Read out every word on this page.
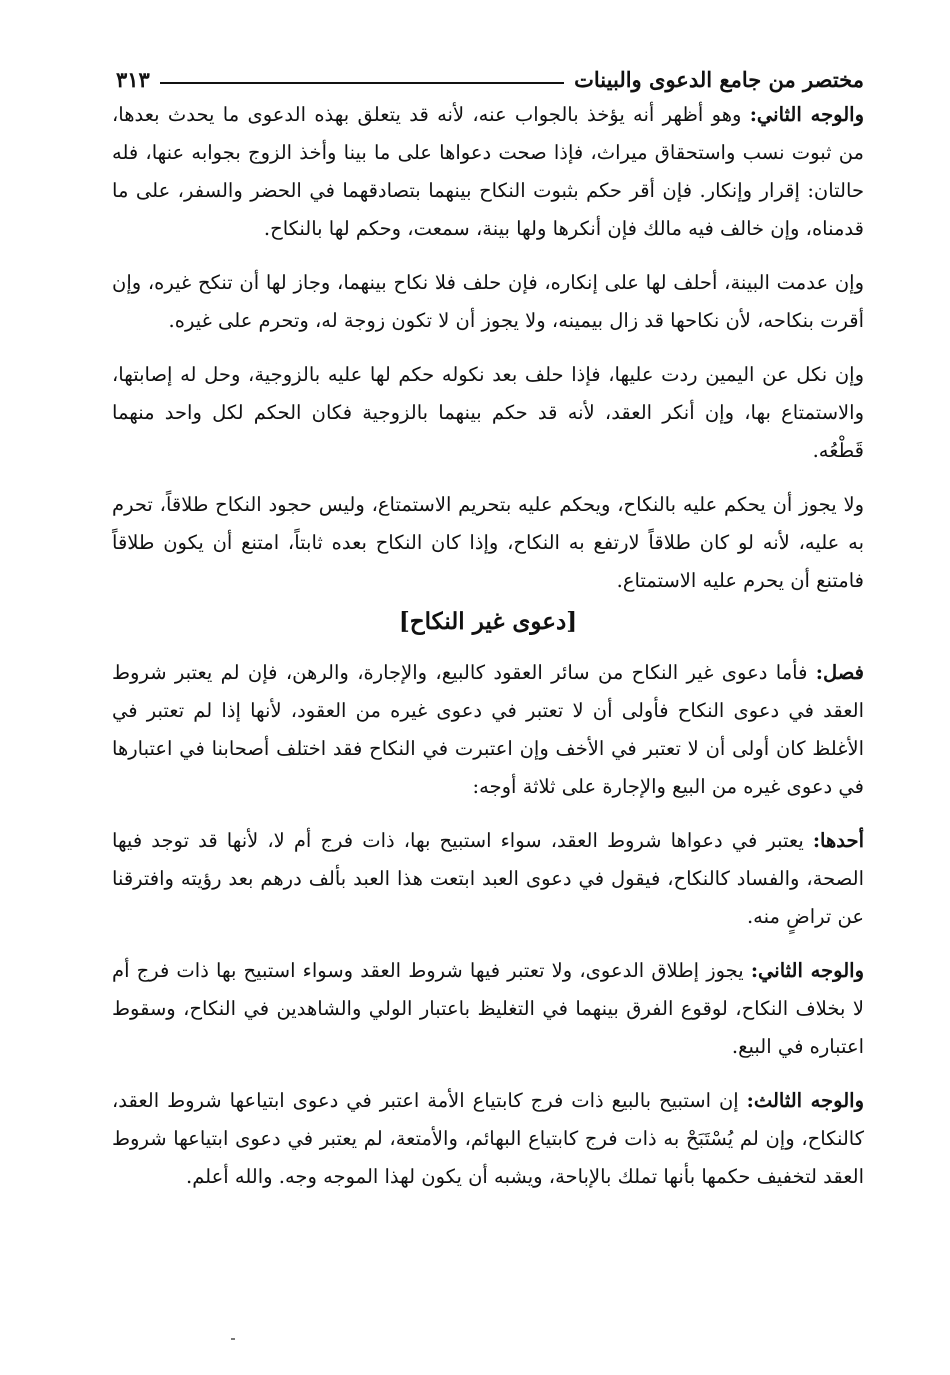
مختصر من جامع الدعوى والبينات
٣١٣

والوجه الثاني: وهو أظهر أنه يؤخذ بالجواب عنه، لأنه قد يتعلق بهذه الدعوى ما يحدث بعدها، من ثبوت نسب واستحقاق ميراث، فإذا صحت دعواها على ما بينا وأخذ الزوج بجوابه عنها، فله حالتان: إقرار وإنكار. فإن أقر حكم بثبوت النكاح بينهما بتصادقهما في الحضر والسفر، على ما قدمناه، وإن خالف فيه مالك فإن أنكرها ولها بينة، سمعت، وحكم لها بالنكاح.

وإن عدمت البينة، أحلف لها على إنكاره، فإن حلف فلا نكاح بينهما، وجاز لها أن تنكح غيره، وإن أقرت بنكاحه، لأن نكاحها قد زال بيمينه، ولا يجوز أن لا تكون زوجة له، وتحرم على غيره.

وإن نكل عن اليمين ردت عليها، فإذا حلف بعد نكوله حكم لها عليه بالزوجية، وحل له إصابتها، والاستمتاع بها، وإن أنكر العقد، لأنه قد حكم بينهما بالزوجية فكان الحكم لكل واحد منهما قَطْعُه.

ولا يجوز أن يحكم عليه بالنكاح، ويحكم عليه بتحريم الاستمتاع، وليس حجود النكاح طلاقاً، تحرم به عليه، لأنه لو كان طلاقاً لارتفع به النكاح، وإذا كان النكاح بعده ثابتاً، امتنع أن يكون طلاقاً فامتنع أن يحرم عليه الاستمتاع.

[دعوى غير النكاح]

فصل: فأما دعوى غير النكاح من سائر العقود كالبيع، والإجارة، والرهن، فإن لم يعتبر شروط العقد في دعوى النكاح فأولى أن لا تعتبر في دعوى غيره من العقود، لأنها إذا لم تعتبر في الأغلظ كان أولى أن لا تعتبر في الأخف وإن اعتبرت في النكاح فقد اختلف أصحابنا في اعتبارها في دعوى غيره من البيع والإجارة على ثلاثة أوجه:

أحدها: يعتبر في دعواها شروط العقد، سواء استبيح بها، ذات فرج أم لا، لأنها قد توجد فيها الصحة، والفساد كالنكاح، فيقول في دعوى العبد ابتعت هذا العبد بألف درهم بعد رؤيته وافترقنا عن تراضٍ منه.

والوجه الثاني: يجوز إطلاق الدعوى، ولا تعتبر فيها شروط العقد وسواء استبيح بها ذات فرج أم لا بخلاف النكاح، لوقوع الفرق بينهما في التغليظ باعتبار الولي والشاهدين في النكاح، وسقوط اعتباره في البيع.

والوجه الثالث: إن استبيح بالبيع ذات فرج كابتياع الأمة اعتبر في دعوى ابتياعها شروط العقد، كالنكاح، وإن لم يُسْتَبَحْ به ذات فرج كابتياع البهائم، والأمتعة، لم يعتبر في دعوى ابتياعها شروط العقد لتخفيف حكمها بأنها تملك بالإباحة، ويشبه أن يكون لهذا الموجه وجه. والله أعلم.
